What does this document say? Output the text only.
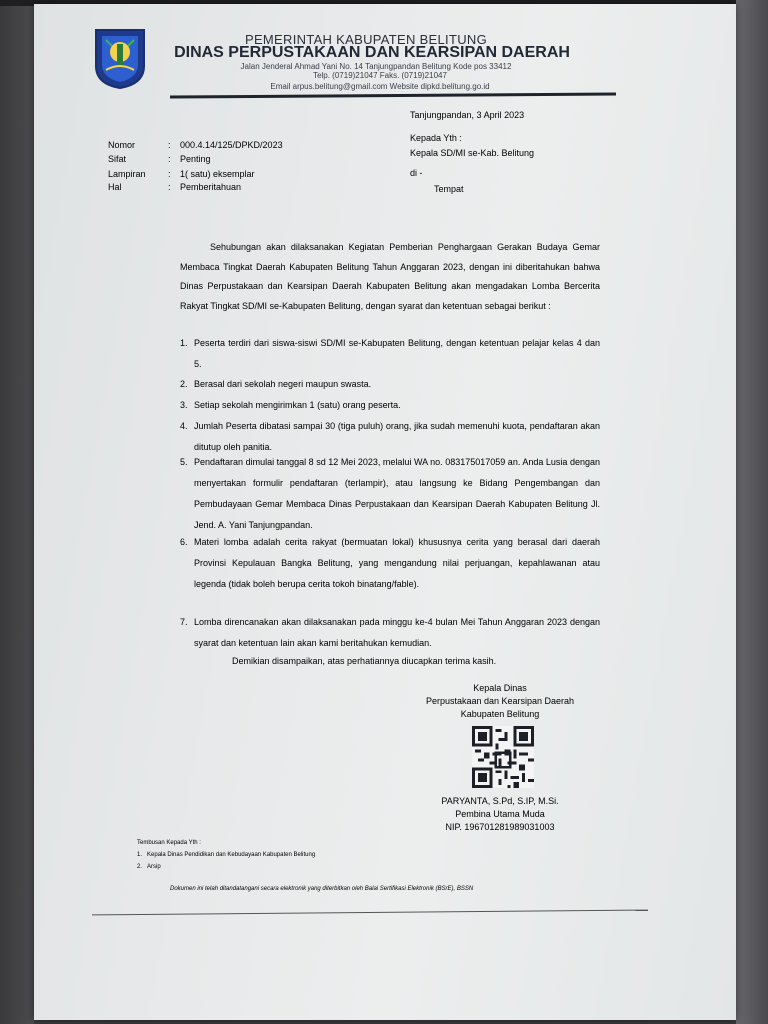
PEMERINTAH KABUPATEN BELITUNG
DINAS PERPUSTAKAAN DAN KEARSIPAN DAERAH
Jalan Jenderal Ahmad Yani No. 14 Tanjungpandan Belitung Kode pos 33412
Telp. (0719)21047 Faks. (0719)21047
Email arpus.belitung@gmail.com Website dipkd.belitung.go.id
Tanjungpandan, 3 April 2023
Nomor	: 000.4.14/125/DPKD/2023
Sifat	: Penting
Lampiran : 1( satu) eksemplar
Hal	: Pemberitahuan
Kepada Yth :
Kepala SD/MI se-Kab. Belitung
di -
Tempat
Sehubungan akan dilaksanakan Kegiatan Pemberian Penghargaan Gerakan Budaya Gemar Membaca Tingkat Daerah Kabupaten Belitung Tahun Anggaran 2023, dengan ini diberitahukan bahwa Dinas Perpustakaan dan Kearsipan Daerah Kabupaten Belitung akan mengadakan Lomba Bercerita Rakyat Tingkat SD/MI se-Kabupaten Belitung, dengan syarat dan ketentuan sebagai berikut :
1. Peserta terdiri dari siswa-siswi SD/MI se-Kabupaten Belitung, dengan ketentuan pelajar kelas 4 dan 5.
2. Berasal dari sekolah negeri maupun swasta.
3. Setiap sekolah mengirimkan 1 (satu) orang peserta.
4. Jumlah Peserta dibatasi sampai 30 (tiga puluh) orang, jika sudah memenuhi kuota, pendaftaran akan ditutup oleh panitia.
5. Pendaftaran dimulai tanggal 8 sd 12 Mei 2023, melalui WA no. 083175017059 an. Anda Lusia dengan menyertakan formulir pendaftaran (terlampir), atau langsung ke Bidang Pengembangan dan Pembudayaan Gemar Membaca Dinas Perpustakaan dan Kearsipan Daerah Kabupaten Belitung Jl. Jend. A. Yani Tanjungpandan.
6. Materi lomba adalah cerita rakyat (bermuatan lokal) khususnya cerita yang berasal dari daerah Provinsi Kepulauan Bangka Belitung, yang mengandung nilai perjuangan, kepahlawanan atau legenda (tidak boleh berupa cerita tokoh binatang/fable).
7. Lomba direncanakan akan dilaksanakan pada minggu ke-4 bulan Mei Tahun Anggaran 2023 dengan syarat dan ketentuan lain akan kami beritahukan kemudian.
Demikian disampaikan, atas perhatiannya diucapkan terima kasih.
Kepala Dinas
Perpustakaan dan Kearsipan Daerah
Kabupaten Belitung
PARYANTA, S.Pd, S.IP, M.Si.
Pembina Utama Muda
NIP. 196701281989031003
Tembusan Kepada Yth :
1. Kepala Dinas Pendidikan dan Kebudayaan Kabupaten Belitung
2. Arsip
Dokumen ini telah ditandatangani secara elektronik yang diterbitkan oleh Balai Sertifikasi Elektronik (BSrE), BSSN
